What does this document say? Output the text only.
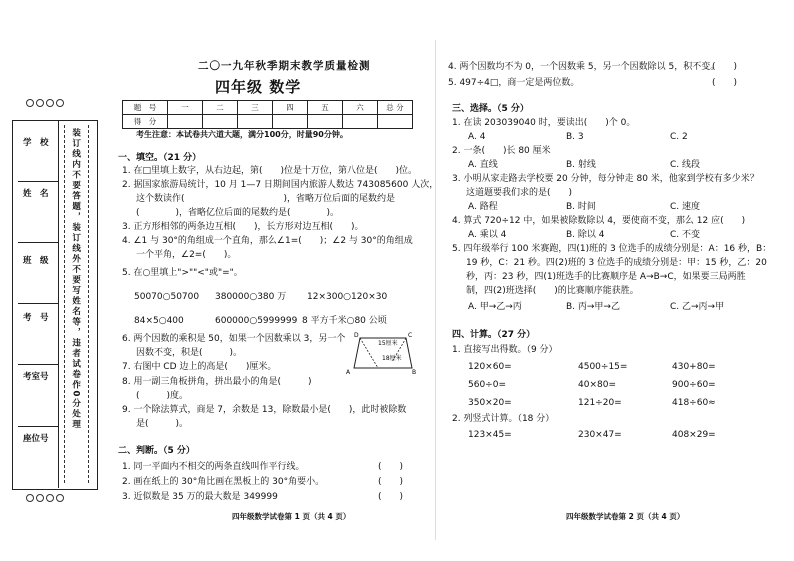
学　校
姓　名
班　级
考　号
考室号
座位号
装订线内不要答题，装订线外不要写姓名等，违者试卷作0分处理
二〇一九年秋季期末教学质量检测
四年级 数学
题　号	一	二	三	四	五	六	总 分
得　分							
考生注意：本试卷共六道大题，满分100分，时量90分钟。
一、填空。（21 分）
1. 在□里填上数字，从右边起，第(　　)位是十万位，第八位是(　　)位。
2. 据国家旅游局统计，10 月 1—7 日期间国内旅游人数达 743085600 人次，
这个数读作(　　　　　　　　　　　)，省略万位后面的尾数约是
(　　　　)，省略亿位后面的尾数约是(　　　　)。
3. 正方形相邻的两条边互相(　　)，长方形对边互相(　　)。
4. ∠1 与 30°的角组成一个直角，那么∠1=(　　)；∠2 与 30°的角组成
一个平角，∠2=(　　)。
5. 在○里填上">""<"或"="。
50070○50700 380000○380 万 12×300○120×30
84×5○400	600000○5999999 8 平方千米○80 公顷
6. 两个因数的乘积是 50，如果一个因数乘以 3，另一个
因数不变，积是(　　　)。
7. 右图中 CD 边上的高是(　　)厘米。
8. 用一副三角板拼角，拼出最小的角是(　　　)
(　　　)度。
9. 一个除法算式，商是 7，余数是 13，除数最小是(　　)，此时被除数
是(　　　)。
15厘米
18厘米
A	B
C
D
二、判断。（5 分）
1. 同一平面内不相交的两条直线叫作平行线。	(　　)
2. 画在纸上的 30°角比画在黑板上的 30°角要小。	(　　)
3. 近似数是 35 万的最大数是 349999	(　　)
四年级数学试卷第 1 页（共 4 页）
4. 两个因数均不为 0，一个因数乘 5，另一个因数除以 5，积不变。
(　　)
5. 497÷4□，商一定是两位数。	(　　)
三、选择。（5 分）
1. 在读 203039040 时，要读出(　　)个 0。
A. 4	B. 3	C. 2
2. 一条(　　)长 80 厘米
A. 直线	B. 射线	C. 线段
3. 小明从家走路去学校要 20 分钟，每分钟走 80 米，他家到学校有多少米？
这道题要我们求的是(　　)
A. 路程	B. 时间	C. 速度
4. 算式 720÷12 中，如果被除数除以 4，要使商不变，那么 12 应(　　)
A. 乘以 4	B. 除以 4	C. 不变
5. 四年级举行 100 米赛跑，四(1)班的 3 位选手的成绩分别是：A：16 秒，B：
19 秒，C：21 秒。四(2)班的 3 位选手的成绩分别是：甲：15 秒，乙：20
秒，丙：23 秒，四(1)班选手的比赛顺序是 A→B→C，如果要三局两胜
制，四(2)班选择(　　)的比赛顺序能获胜。
A. 甲→乙→丙	B. 丙→甲→乙	C. 乙→丙→甲
四、计算。（27 分）
1. 直接写出得数。（9 分）
120×60=	4500÷15=	430+80=
560÷0=	40×80=	900÷60=
350×20=	121÷20=	418÷60≈
2. 列竖式计算。（18 分）
123×45=	230×47=	408×29=
四年级数学试卷第 2 页（共 4 页）
